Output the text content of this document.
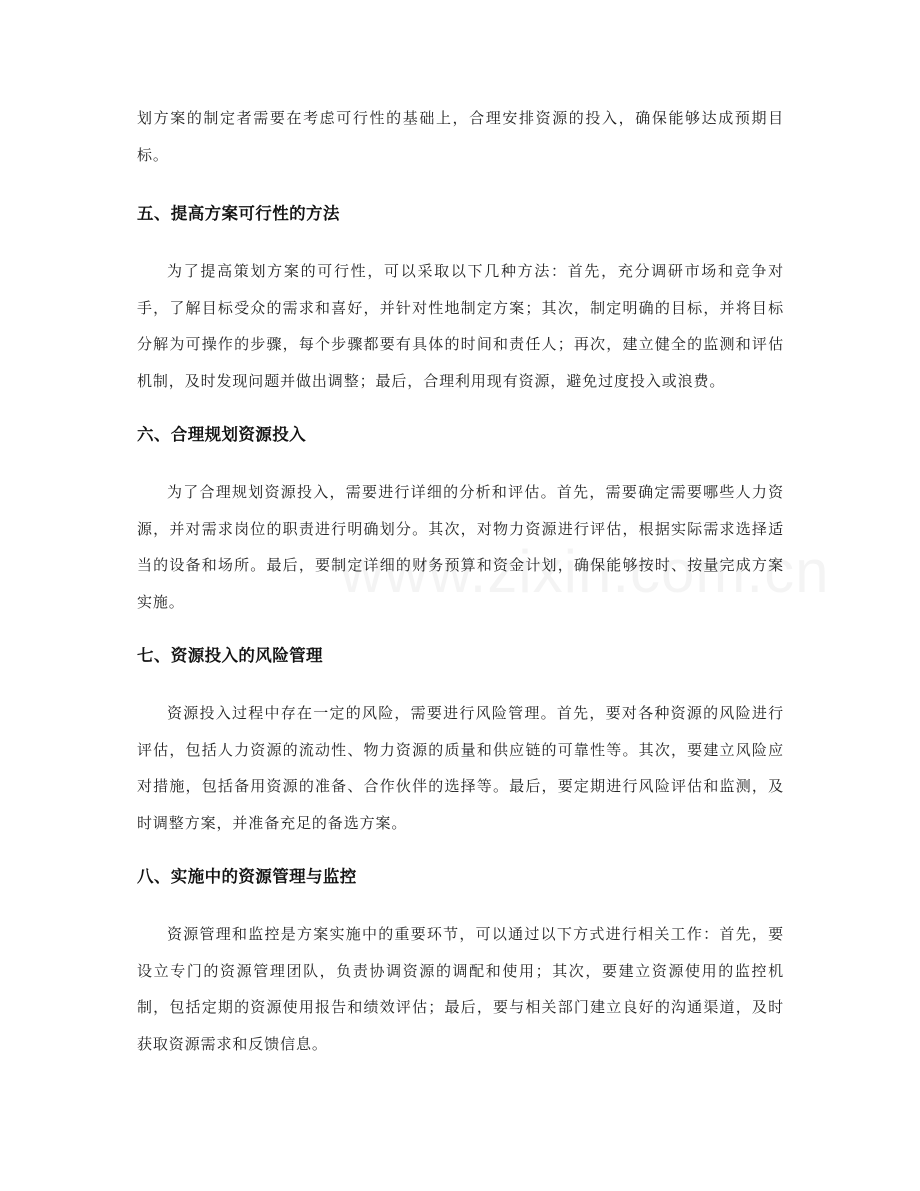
划方案的制定者需要在考虑可行性的基础上，合理安排资源的投入，确保能够达成预期目标。

五、提高方案可行性的方法

为了提高策划方案的可行性，可以采取以下几种方法：首先，充分调研市场和竞争对手，了解目标受众的需求和喜好，并针对性地制定方案；其次，制定明确的目标，并将目标分解为可操作的步骤，每个步骤都要有具体的时间和责任人；再次，建立健全的监测和评估机制，及时发现问题并做出调整；最后，合理利用现有资源，避免过度投入或浪费。

六、合理规划资源投入

为了合理规划资源投入，需要进行详细的分析和评估。首先，需要确定需要哪些人力资源，并对需求岗位的职责进行明确划分。其次，对物力资源进行评估，根据实际需求选择适当的设备和场所。最后，要制定详细的财务预算和资金计划，确保能够按时、按量完成方案实施。

七、资源投入的风险管理

资源投入过程中存在一定的风险，需要进行风险管理。首先，要对各种资源的风险进行评估，包括人力资源的流动性、物力资源的质量和供应链的可靠性等。其次，要建立风险应对措施，包括备用资源的准备、合作伙伴的选择等。最后，要定期进行风险评估和监测，及时调整方案，并准备充足的备选方案。

八、实施中的资源管理与监控

资源管理和监控是方案实施中的重要环节，可以通过以下方式进行相关工作：首先，要设立专门的资源管理团队，负责协调资源的调配和使用；其次，要建立资源使用的监控机制，包括定期的资源使用报告和绩效评估；最后，要与相关部门建立良好的沟通渠道，及时获取资源需求和反馈信息。
